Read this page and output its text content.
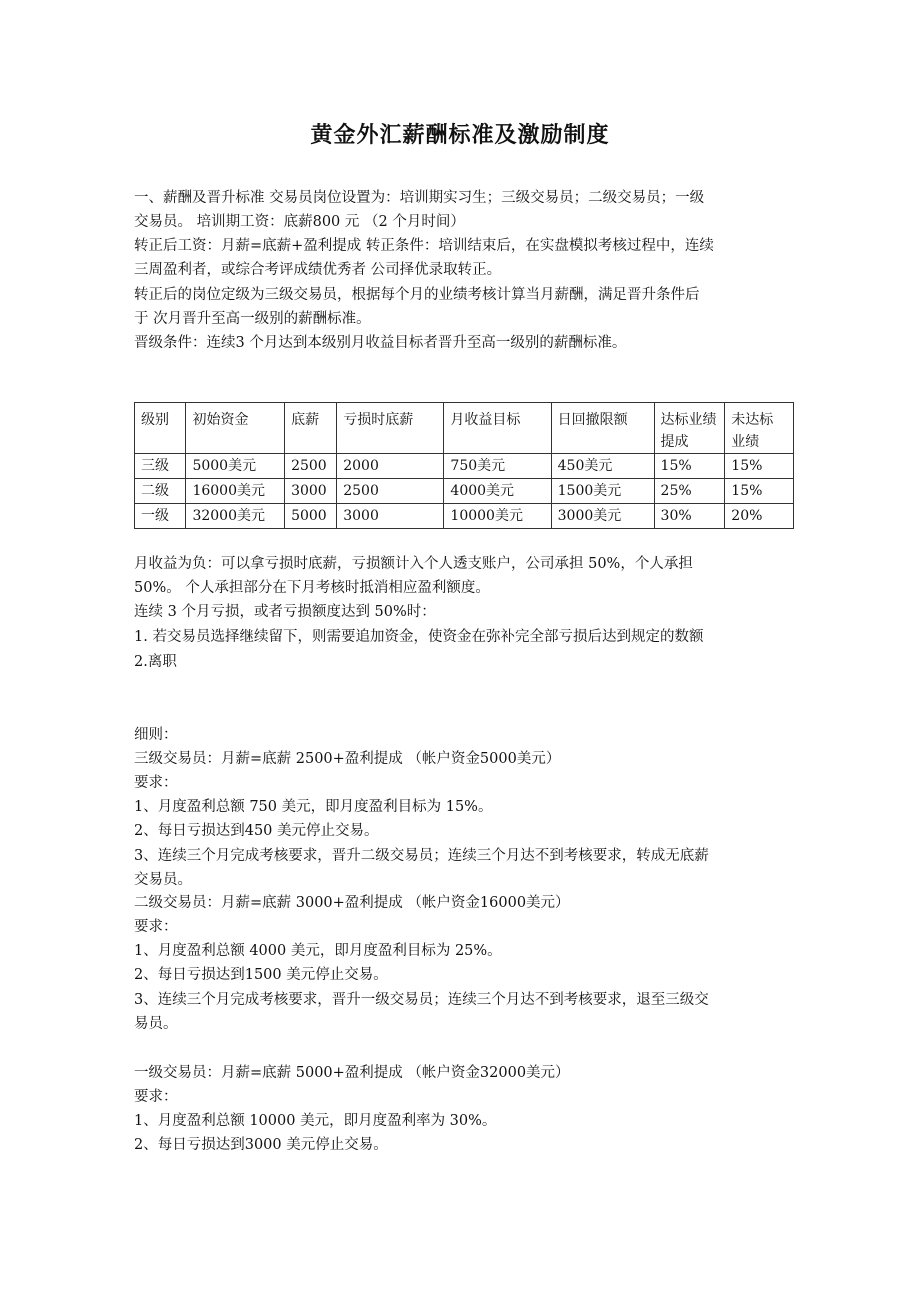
黄金外汇薪酬标准及激励制度
一、薪酬及晋升标准 交易员岗位设置为：培训期实习生；三级交易员；二级交易员；一级
交易员。 培训期工资：底薪800 元 （2 个月时间）
转正后工资：月薪=底薪+盈利提成 转正条件：培训结束后，在实盘模拟考核过程中，连续
三周盈利者，或综合考评成绩优秀者 公司择优录取转正。
转正后的岗位定级为三级交易员，根据每个月的业绩考核计算当月薪酬，满足晋升条件后
于 次月晋升至高一级别的薪酬标准。
晋级条件：连续3 个月达到本级别月收益目标者晋升至高一级别的薪酬标准。
级别	初始资金	底薪	亏损时底薪	月收益目标	日回撤限额	达标业绩提成	未达标业绩
三级	5000美元	2500	2000	750美元	450美元	15%	15%
二级	16000美元	3000	2500	4000美元	1500美元	25%	15%
一级	32000美元	5000	3000	10000美元	3000美元	30%	20%
月收益为负：可以拿亏损时底薪，亏损额计入个人透支账户，公司承担 50%，个人承担
50%。 个人承担部分在下月考核时抵消相应盈利额度。
连续 3 个月亏损，或者亏损额度达到 50%时：
1. 若交易员选择继续留下，则需要追加资金，使资金在弥补完全部亏损后达到规定的数额
2.离职
细则：
三级交易员：月薪=底薪 2500+盈利提成 （帐户资金5000美元）
要求：
1、月度盈利总额 750 美元，即月度盈利目标为 15%。
2、每日亏损达到450 美元停止交易。
3、连续三个月完成考核要求，晋升二级交易员；连续三个月达不到考核要求，转成无底薪
交易员。
二级交易员：月薪=底薪 3000+盈利提成 （帐户资金16000美元）
要求：
1、月度盈利总额 4000 美元，即月度盈利目标为 25%。
2、每日亏损达到1500 美元停止交易。
3、连续三个月完成考核要求，晋升一级交易员；连续三个月达不到考核要求，退至三级交
易员。
一级交易员：月薪=底薪 5000+盈利提成 （帐户资金32000美元）
要求：
1、月度盈利总额 10000 美元，即月度盈利率为 30%。
2、每日亏损达到3000 美元停止交易。
